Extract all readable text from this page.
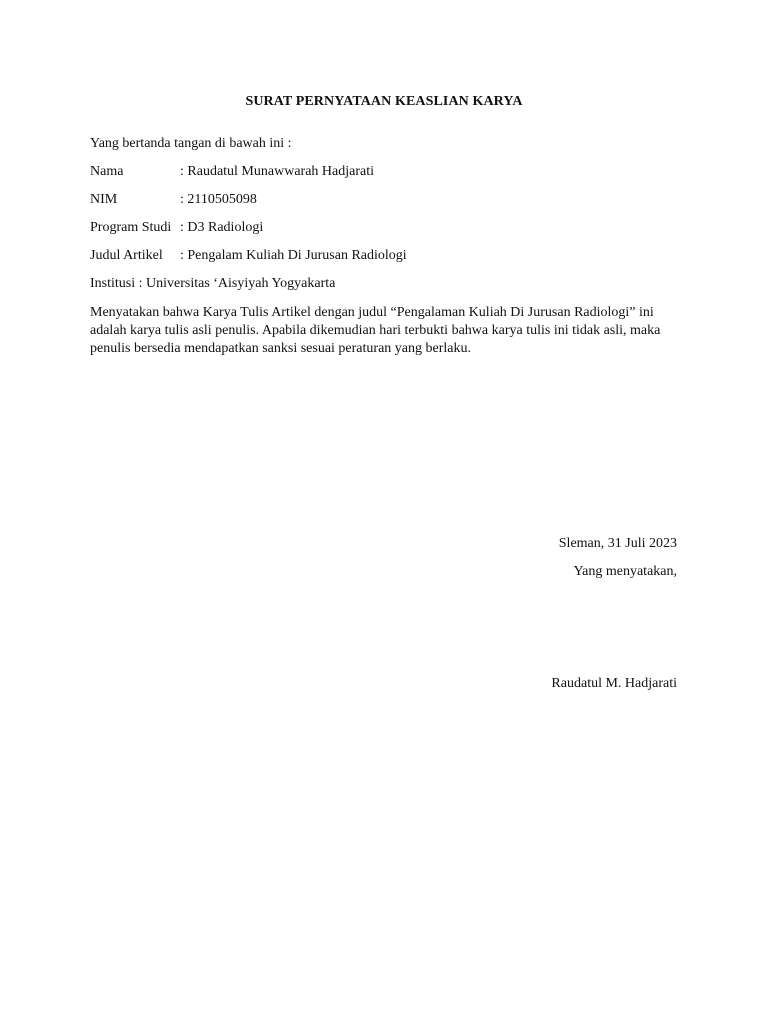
SURAT PERNYATAAN KEASLIAN KARYA
Yang bertanda tangan di bawah ini :
Nama	: Raudatul Munawwarah Hadjarati
NIM	: 2110505098
Program Studi : D3 Radiologi
Judul Artikel : Pengalam Kuliah Di Jurusan Radiologi
Institusi : Universitas ‘Aisyiyah Yogyakarta
Menyatakan bahwa Karya Tulis Artikel dengan judul “Pengalaman Kuliah Di Jurusan Radiologi” ini
adalah karya tulis asli penulis. Apabila dikemudian hari terbukti bahwa karya tulis ini tidak asli, maka
penulis bersedia mendapatkan sanksi sesuai peraturan yang berlaku.
Sleman, 31 Juli 2023
Yang menyatakan,
Raudatul M. Hadjarati
